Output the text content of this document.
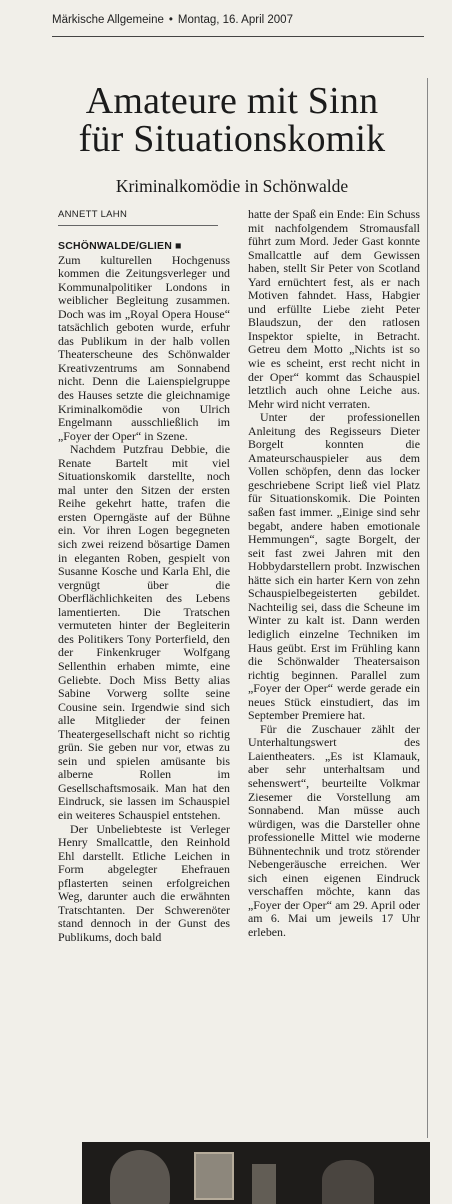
Märkische Allgemeine • Montag, 16. April 2007
Amateure mit Sinn
für Situationskomik
Kriminalkomödie in Schönwalde
ANNETT LAHN
SCHÖNWALDE/GLIEN ■

Zum kulturellen Hochgenuss kommen die Zeitungsverleger und Kommunalpolitiker Londons in weiblicher Begleitung zusammen. Doch was im „Royal Opera House“ tatsächlich geboten wurde, erfuhr das Publikum in der halb vollen Theaterscheune des Schönwalder Kreativzentrums am Sonnabend nicht. Denn die Laienspielgruppe des Hauses setzte die gleichnamige Kriminalkomödie von Ulrich Engelmann ausschließlich im „Foyer der Oper“ in Szene.

Nachdem Putzfrau Debbie, die Renate Bartelt mit viel Situationskomik darstellte, noch mal unter den Sitzen der ersten Reihe gekehrt hatte, trafen die ersten Operngäste auf der Bühne ein. Vor ihren Logen begegneten sich zwei reizend bösartige Damen in eleganten Roben, gespielt von Susanne Kosche und Karla Ehl, die vergnügt über die Oberflächlichkeiten des Lebens lamentierten. Die Tratschen vermuteten hinter der Begleiterin des Politikers Tony Porterfield, den der Finkenkruger Wolfgang Sellenthin erhaben mimte, eine Geliebte. Doch Miss Betty alias Sabine Vorwerg sollte seine Cousine sein. Irgendwie sind sich alle Mitglieder der feinen Theatergesellschaft nicht so richtig grün. Sie geben nur vor, etwas zu sein und spielen amüsante bis alberne Rollen im Gesellschaftsmosaik. Man hat den Eindruck, sie lassen im Schauspiel ein weiteres Schauspiel entstehen.

Der Unbeliebteste ist Verleger Henry Smallcattle, den Reinhold Ehl darstellt. Etliche Leichen in Form abgelegter Ehefrauen pflasterten seinen erfolgreichen Weg, darunter auch die erwähnten Tratschtanten. Der Schwerenöter stand dennoch in der Gunst des Publikums, doch bald

hatte der Spaß ein Ende: Ein Schuss mit nachfolgendem Stromausfall führt zum Mord. Jeder Gast konnte Smallcattle auf dem Gewissen haben, stellt Sir Peter von Scotland Yard ernüchtert fest, als er nach Motiven fahndet. Hass, Habgier und erfüllte Liebe zieht Peter Blaudszun, der den ratlosen Inspektor spielte, in Betracht. Getreu dem Motto „Nichts ist so wie es scheint, erst recht nicht in der Oper“ kommt das Schauspiel letztlich auch ohne Leiche aus. Mehr wird nicht verraten.

Unter der professionellen Anleitung des Regisseurs Dieter Borgelt konnten die Amateurschauspieler aus dem Vollen schöpfen, denn das locker geschriebene Script ließ viel Platz für Situationskomik. Die Pointen saßen fast immer. „Einige sind sehr begabt, andere haben emotionale Hemmungen“, sagte Borgelt, der seit fast zwei Jahren mit den Hobbydarstellern probt. Inzwischen hätte sich ein harter Kern von zehn Schauspielbegeisterten gebildet. Nachteilig sei, dass die Scheune im Winter zu kalt ist. Dann werden lediglich einzelne Techniken im Haus geübt. Erst im Frühling kann die Schönwalder Theatersaison richtig beginnen. Parallel zum „Foyer der Oper“ werde gerade ein neues Stück einstudiert, das im September Premiere hat.

Für die Zuschauer zählt der Unterhaltungswert des Laientheaters. „Es ist Klamauk, aber sehr unterhaltsam und sehenswert“, beurteilte Volkmar Ziesemer die Vorstellung am Sonnabend. Man müsse auch würdigen, was die Darsteller ohne professionelle Mittel wie moderne Bühnentechnik und trotz störender Nebengeräusche erreichen. Wer sich einen eigenen Eindruck verschaffen möchte, kann das „Foyer der Oper“ am 29. April oder am 6. Mai um jeweils 17 Uhr erleben.
